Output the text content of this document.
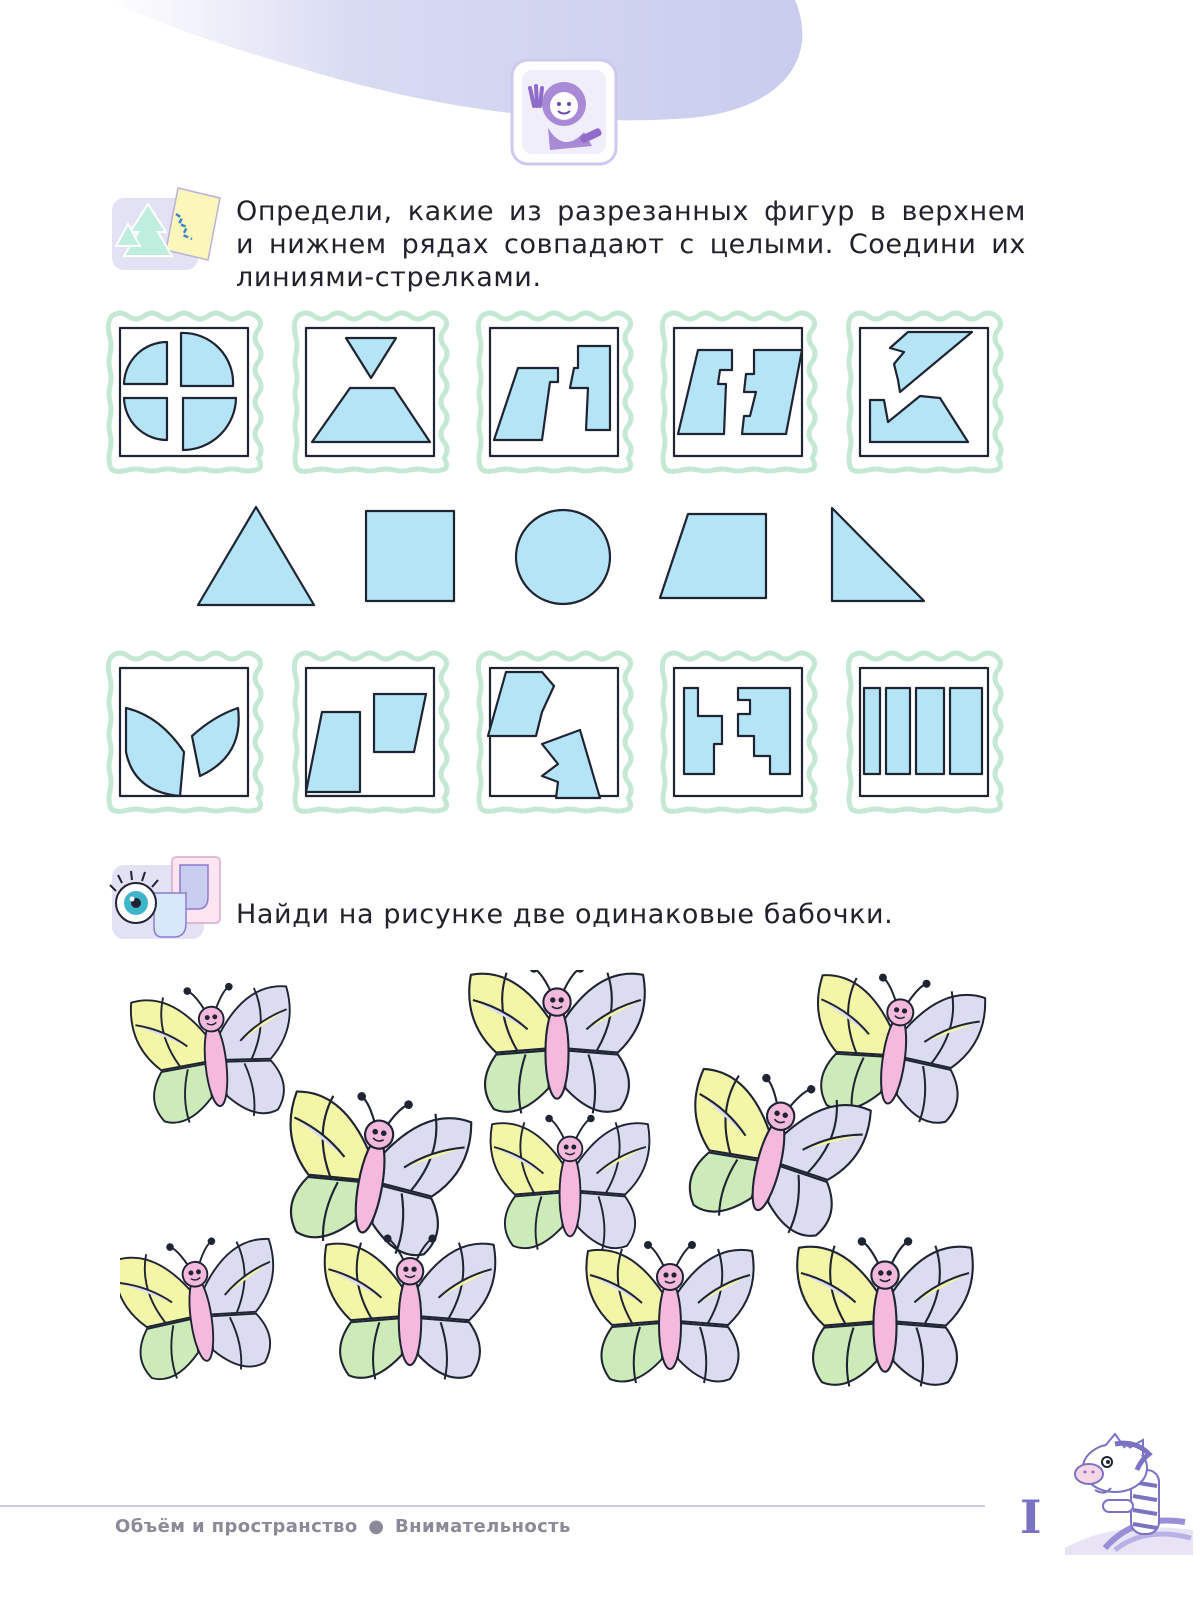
Определи, какие из разрезанных фигур в верхнем
и нижнем рядах совпадают с целыми. Соедини их
линиями-стрелками.
Найди на рисунке две одинаковые бабочки.
Объём и пространство ● Внимательность	I
